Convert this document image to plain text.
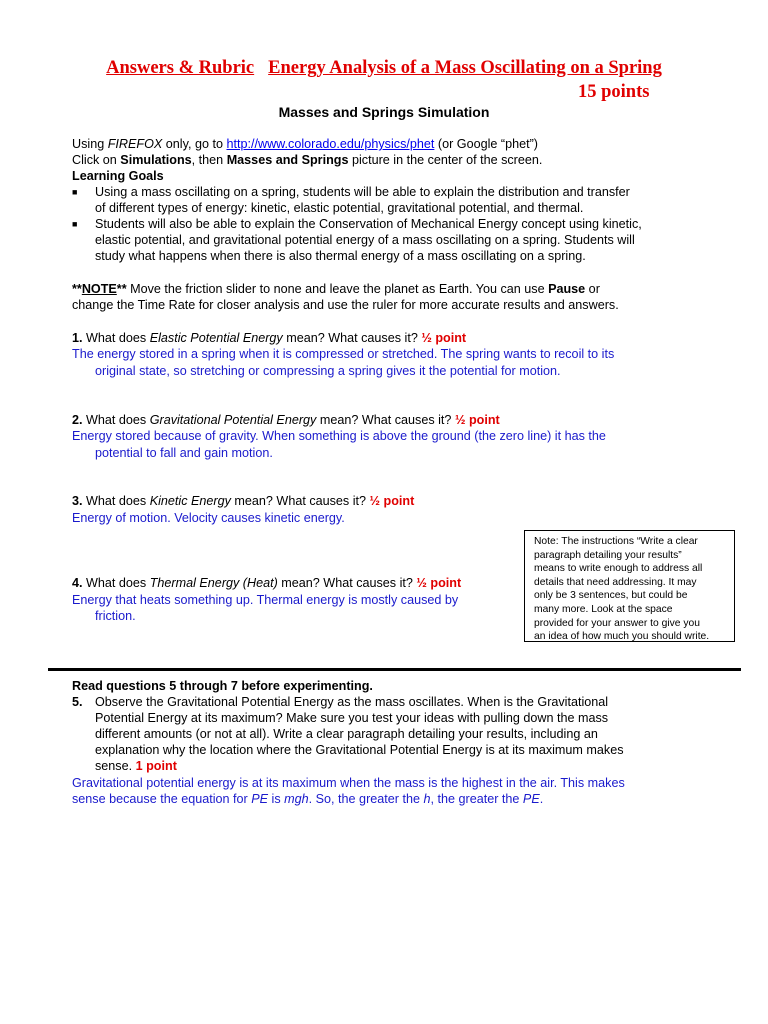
Answers & Rubric Energy Analysis of a Mass Oscillating on a Spring
15 points
Masses and Springs Simulation
Using FIREFOX only, go to http://www.colorado.edu/physics/phet (or Google “phet”)
Click on Simulations, then Masses and Springs picture in the center of the screen.
Learning Goals
■ Using a mass oscillating on a spring, students will be able to explain the distribution and transfer
of different types of energy: kinetic, elastic potential, gravitational potential, and thermal.
■ Students will also be able to explain the Conservation of Mechanical Energy concept using kinetic,
elastic potential, and gravitational potential energy of a mass oscillating on a spring. Students will
study what happens when there is also thermal energy of a mass oscillating on a spring.
**NOTE** Move the friction slider to none and leave the planet as Earth. You can use Pause or
change the Time Rate for closer analysis and use the ruler for more accurate results and answers.
1. What does Elastic Potential Energy mean? What causes it? ½ point
The energy stored in a spring when it is compressed or stretched. The spring wants to recoil to its
original state, so stretching or compressing a spring gives it the potential for motion.
2. What does Gravitational Potential Energy mean? What causes it? ½ point
Energy stored because of gravity. When something is above the ground (the zero line) it has the
potential to fall and gain motion.
3. What does Kinetic Energy mean? What causes it? ½ point
Energy of motion. Velocity causes kinetic energy.
4. What does Thermal Energy (Heat) mean? What causes it? ½ point
Energy that heats something up. Thermal energy is mostly caused by
friction.
Note: The instructions “Write a clear
paragraph detailing your results”
means to write enough to address all
details that need addressing. It may
only be 3 sentences, but could be
many more. Look at the space
provided for your answer to give you
an idea of how much you should write.
Read questions 5 through 7 before experimenting.
5. Observe the Gravitational Potential Energy as the mass oscillates. When is the Gravitational
Potential Energy at its maximum? Make sure you test your ideas with pulling down the mass
different amounts (or not at all). Write a clear paragraph detailing your results, including an
explanation why the location where the Gravitational Potential Energy is at its maximum makes
sense. 1 point
Gravitational potential energy is at its maximum when the mass is the highest in the air. This makes
sense because the equation for PE is mgh. So, the greater the h, the greater the PE.
